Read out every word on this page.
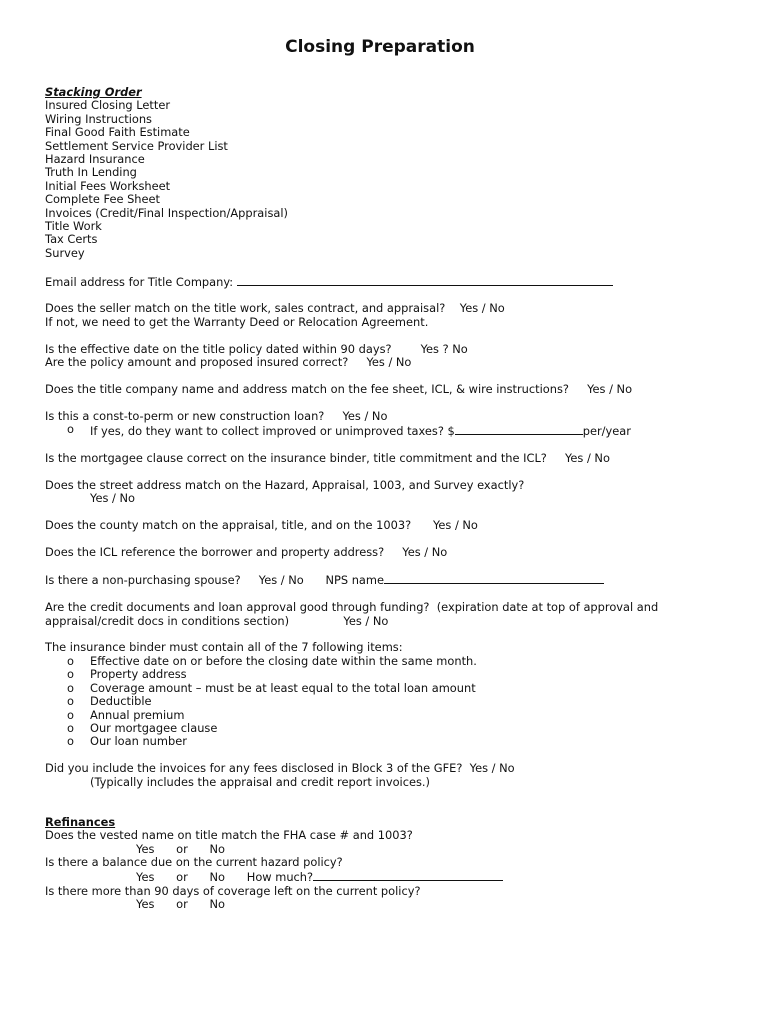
Closing Preparation
Stacking Order
Insured Closing Letter
Wiring Instructions
Final Good Faith Estimate
Settlement Service Provider List
Hazard Insurance
Truth In Lending
Initial Fees Worksheet
Complete Fee Sheet
Invoices (Credit/Final Inspection/Appraisal)
Title Work
Tax Certs
Survey
Email address for Title Company:
Does the seller match on the title work, sales contract, and appraisal? Yes / No
If not, we need to get the Warranty Deed or Relocation Agreement.
Is the effective date on the title policy dated within 90 days?	Yes ? No
Are the policy amount and proposed insured correct? Yes / No
Does the title company name and address match on the fee sheet, ICL, & wire instructions? Yes / No
Is this a const-to-perm or new construction loan? Yes / No
o If yes, do they want to collect improved or unimproved taxes? $	per/year
Is the mortgagee clause correct on the insurance binder, title commitment and the ICL? Yes / No
Does the street address match on the Hazard, Appraisal, 1003, and Survey exactly?
Yes / No
Does the county match on the appraisal, title, and on the 1003? Yes / No
Does the ICL reference the borrower and property address? Yes / No
Is there a non-purchasing spouse? Yes / No NPS name
Are the credit documents and loan approval good through funding?  (expiration date at top of approval and
appraisal/credit docs in conditions section)	Yes / No
The insurance binder must contain all of the 7 following items:
o Effective date on or before the closing date within the same month.
o Property address
o Coverage amount – must be at least equal to the total loan amount
o Deductible
o Annual premium
o Our mortgagee clause
o Our loan number
Did you include the invoices for any fees disclosed in Block 3 of the GFE? Yes / No
(Typically includes the appraisal and credit report invoices.)
Refinances
Does the vested name on title match the FHA case # and 1003?
Yes or No
Is there a balance due on the current hazard policy?
Yes or No How much?
Is there more than 90 days of coverage left on the current policy?
Yes or No
